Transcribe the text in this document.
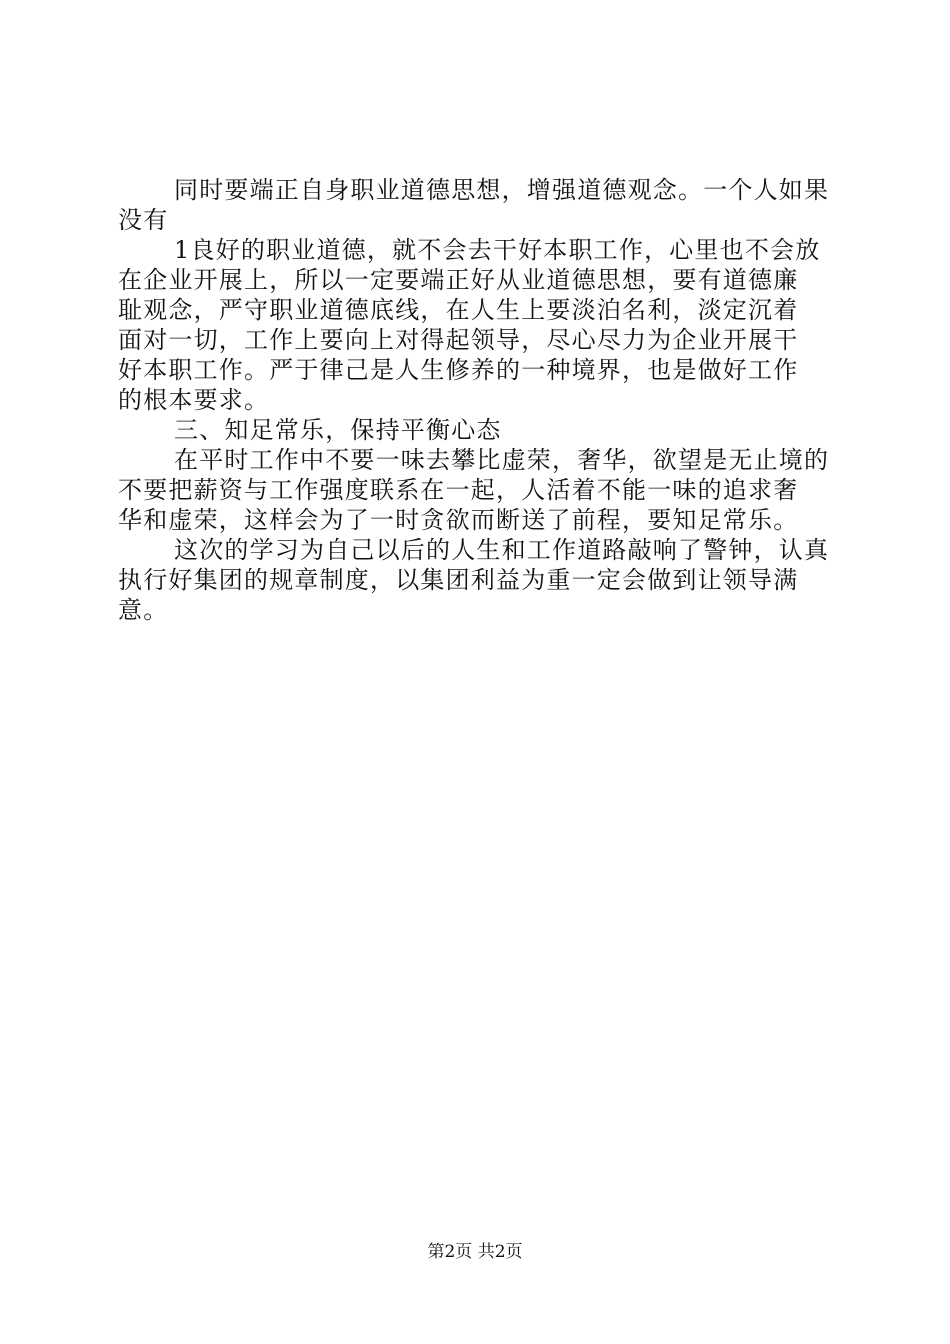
同时要端正自身职业道德思想，增强道德观念。一个人如果
没有
1良好的职业道德，就不会去干好本职工作，心里也不会放
在企业开展上，所以一定要端正好从业道德思想，要有道德廉
耻观念，严守职业道德底线，在人生上要淡泊名利，淡定沉着
面对一切，工作上要向上对得起领导，尽心尽力为企业开展干
好本职工作。严于律己是人生修养的一种境界，也是做好工作
的根本要求。
三、知足常乐，保持平衡心态
在平时工作中不要一味去攀比虚荣，奢华，欲望是无止境的
不要把薪资与工作强度联系在一起，人活着不能一味的追求奢
华和虚荣，这样会为了一时贪欲而断送了前程，要知足常乐。
这次的学习为自己以后的人生和工作道路敲响了警钟，认真
执行好集团的规章制度，以集团利益为重一定会做到让领导满
意。
第2页 共2页
